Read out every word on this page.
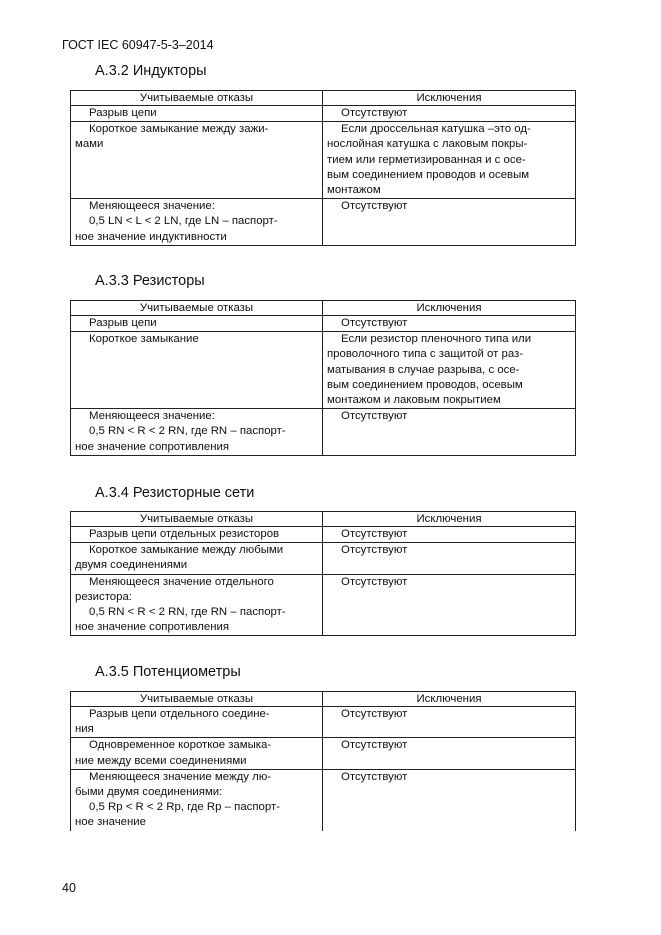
ГОСТ IEC 60947-5-3–2014
A.3.2 Индукторы
Учитываемые отказы	Исключения

Разрыв цепи	Отсутствуют

Короткое замыкание между зажи-
мами	Если дроссельная катушка –это од-
нослойная катушка с лаковым покры-
тием или герметизированная и с осе-
вым соединением проводов и осевым
монтажом

Меняющееся значение:
0,5 LN < L < 2 LN, где LN – паспорт-
ное значение индуктивности	Отсутствуют
A.3.3 Резисторы
Учитываемые отказы	Исключения

Разрыв цепи	Отсутствуют

Короткое замыкание	Если резистор пленочного типа или
проволочного типа с защитой от раз-
матывания в случае разрыва, с осе-
вым соединением проводов, осевым
монтажом и лаковым покрытием

Меняющееся значение:
0,5 RN < R < 2 RN, где RN – паспорт-
ное значение сопротивления	Отсутствуют
A.3.4 Резисторные сети
Учитываемые отказы	Исключения

Разрыв цепи отдельных резисторов	Отсутствуют

Короткое замыкание между любыми
двумя соединениями	Отсутствуют

Меняющееся значение отдельного
резистора:
0,5 RN < R < 2 RN, где RN – паспорт-
ное значение сопротивления	Отсутствуют
A.3.5 Потенциометры
Учитываемые отказы	Исключения

Разрыв цепи отдельного соедине-
ния	Отсутствуют

Одновременное короткое замыка-
ние между всеми соединениями	Отсутствуют

Меняющееся значение между лю-
быми двумя соединениями:
0,5 Rp < R < 2 Rp, где Rp – паспорт-
ное значение	Отсутствуют
40
